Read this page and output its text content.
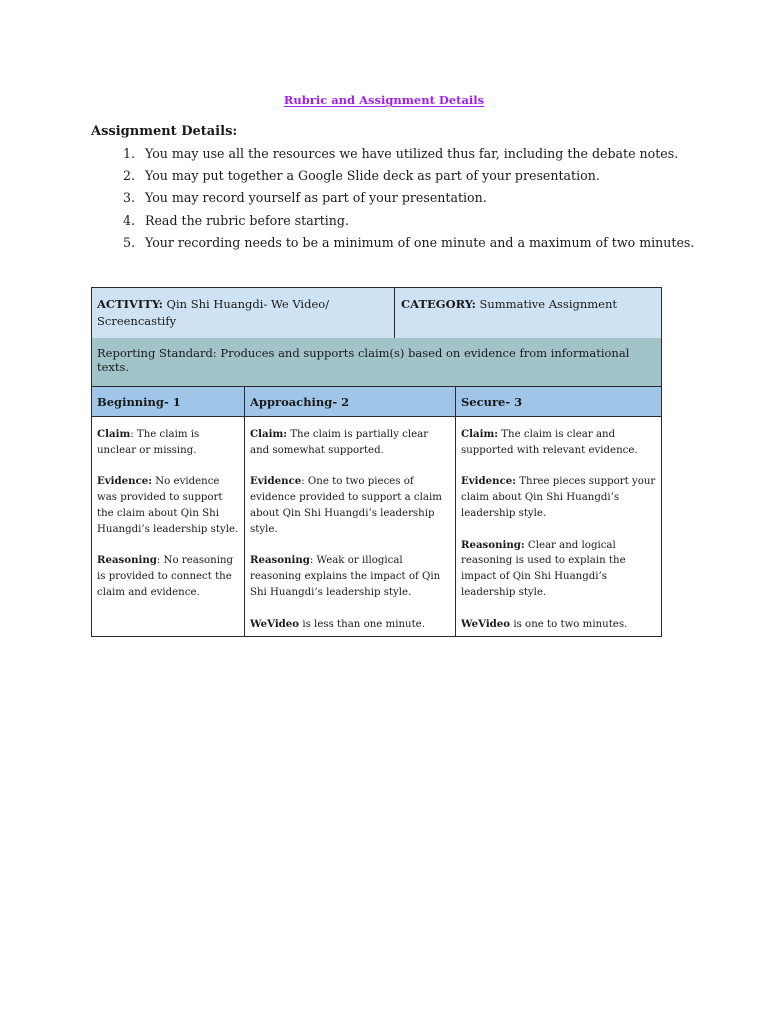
Rubric and Assignment Details
Assignment Details:
1. You may use all the resources we have utilized thus far, including the debate notes.
2. You may put together a Google Slide deck as part of your presentation.
3. You may record yourself as part of your presentation.
4. Read the rubric before starting.
5. Your recording needs to be a minimum of one minute and a maximum of two minutes.
ACTIVITY: Qin Shi Huangdi- We Video/
Screencastify
CATEGORY: Summative Assignment
Reporting Standard: Produces and supports claim(s) based on evidence from informational texts.
Beginning- 1	Approaching- 2	Secure- 3

Claim: The claim is unclear or missing.

Evidence: No evidence was provided to support the claim about Qin Shi Huangdi’s leadership style.

Reasoning: No reasoning is provided to connect the claim and evidence.

Claim: The claim is partially clear and somewhat supported.

Evidence: One to two pieces of evidence provided to support a claim about Qin Shi Huangdi’s leadership style.

Reasoning: Weak or illogical reasoning explains the impact of Qin Shi Huangdi’s leadership style.

WeVideo is less than one minute.

Claim: The claim is clear and supported with relevant evidence.

Evidence: Three pieces support your claim about Qin Shi Huangdi’s leadership style.

Reasoning: Clear and logical reasoning is used to explain the impact of Qin Shi Huangdi’s leadership style.

WeVideo is one to two minutes.
